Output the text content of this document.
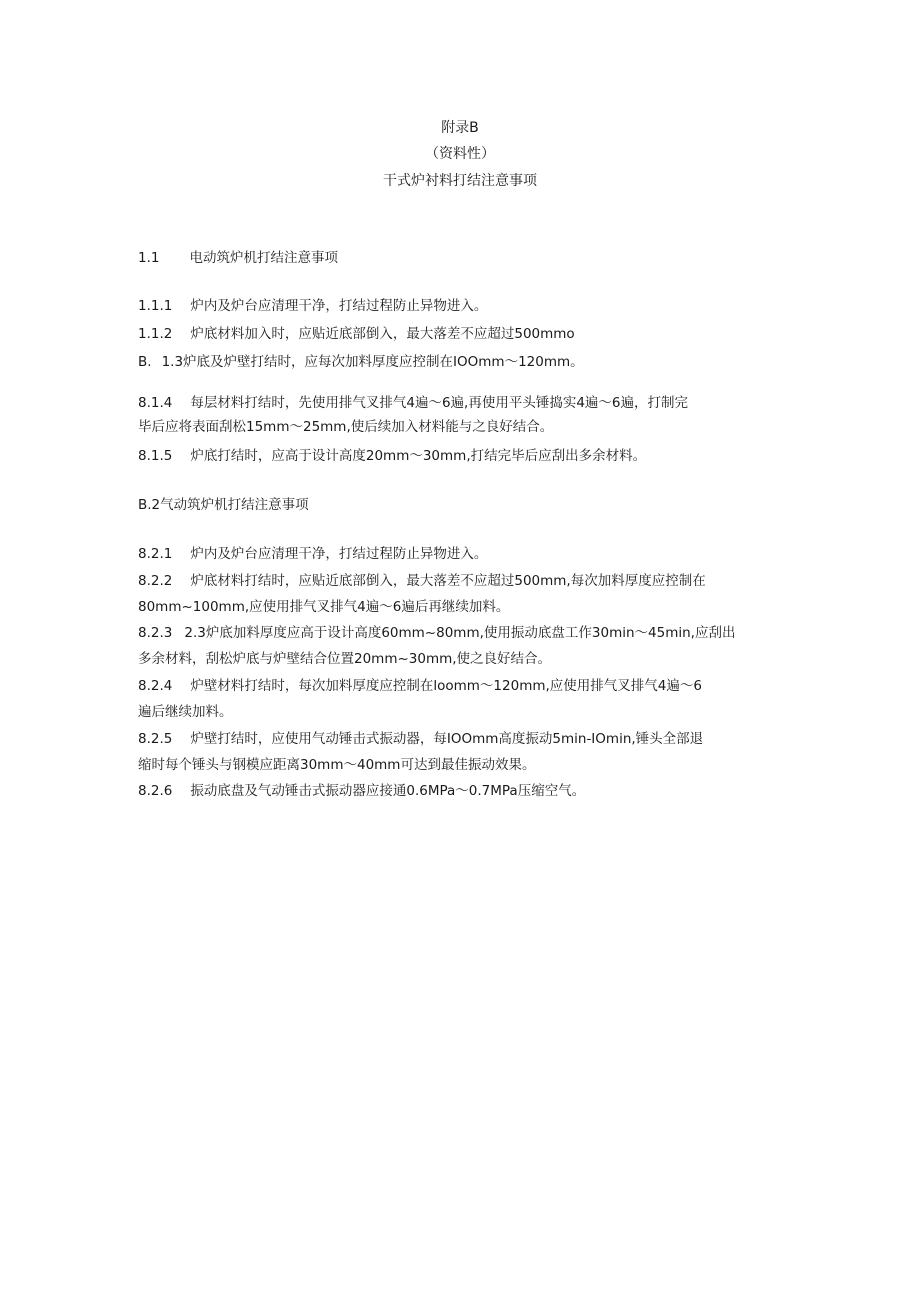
附录B
（资料性）
干式炉衬料打结注意事项
1.1 电动筑炉机打结注意事项
1.1.1 炉内及炉台应清理干净，打结过程防止异物进入。
1.1.2 炉底材料加入时，应贴近底部倒入，最大落差不应超过500mmo
B. 1.3炉底及炉壁打结时，应每次加料厚度应控制在IOOmm～120mm。
8.1.4 每层材料打结时，先使用排气叉排气4遍～6遍,再使用平头锤捣实4遍～6遍，打制完
毕后应将表面刮松15mm～25mm,使后续加入材料能与之良好结合。
8.1.5 炉底打结时，应高于设计高度20mm～30mm,打结完毕后应刮出多余材料。
B.2气动筑炉机打结注意事项
8.2.1 炉内及炉台应清理干净，打结过程防止异物进入。
8.2.2 炉底材料打结时，应贴近底部倒入，最大落差不应超过500mm,每次加料厚度应控制在
80mm~100mm,应使用排气叉排气4遍～6遍后再继续加料。
8.2.3 2.3炉底加料厚度应高于设计高度60mm~80mm,使用振动底盘工作30min～45min,应刮出
多余材料，刮松炉底与炉壁结合位置20mm~30mm,使之良好结合。
8.2.4 炉壁材料打结时，每次加料厚度应控制在loomm～120mm,应使用排气叉排气4遍～6
遍后继续加料。
8.2.5 炉壁打结时，应使用气动锤击式振动器，每IOOmm高度振动5min-IOmin,锤头全部退
缩时每个锤头与钢模应距离30mm～40mm可达到最佳振动效果。
8.2.6 振动底盘及气动锤击式振动器应接通0.6MPa～0.7MPa压缩空气。
